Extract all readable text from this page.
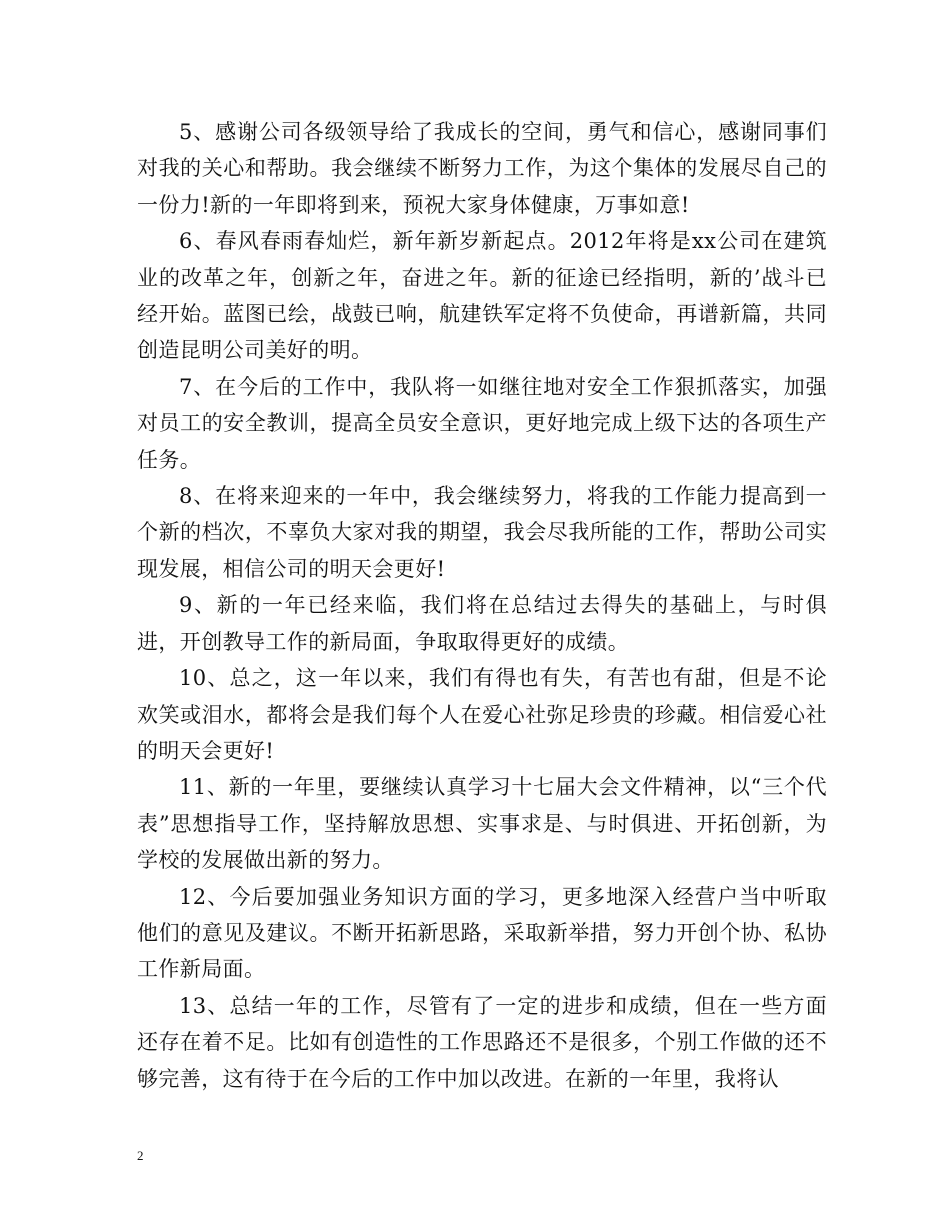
5、感谢公司各级领导给了我成长的空间，勇气和信心，感谢同事们对我的关心和帮助。我会继续不断努力工作，为这个集体的发展尽自己的一份力!新的一年即将到来，预祝大家身体健康，万事如意!

6、春风春雨春灿烂，新年新岁新起点。2012年将是xx公司在建筑业的改革之年，创新之年，奋进之年。新的征途已经指明，新的’战斗已经开始。蓝图已绘，战鼓已响，航建铁军定将不负使命，再谱新篇，共同创造昆明公司美好的明。

7、在今后的工作中，我队将一如继往地对安全工作狠抓落实，加强对员工的安全教训，提高全员安全意识，更好地完成上级下达的各项生产任务。

8、在将来迎来的一年中，我会继续努力，将我的工作能力提高到一个新的档次，不辜负大家对我的期望，我会尽我所能的工作，帮助公司实现发展，相信公司的明天会更好!

9、新的一年已经来临，我们将在总结过去得失的基础上，与时俱进，开创教导工作的新局面，争取取得更好的成绩。

10、总之，这一年以来，我们有得也有失，有苦也有甜，但是不论欢笑或泪水，都将会是我们每个人在爱心社弥足珍贵的珍藏。相信爱心社的明天会更好!

11、新的一年里，要继续认真学习十七届大会文件精神，以“三个代表”思想指导工作，坚持解放思想、实事求是、与时俱进、开拓创新，为学校的发展做出新的努力。

12、今后要加强业务知识方面的学习，更多地深入经营户当中听取他们的意见及建议。不断开拓新思路，采取新举措，努力开创个协、私协工作新局面。

13、总结一年的工作，尽管有了一定的进步和成绩，但在一些方面还存在着不足。比如有创造性的工作思路还不是很多，个别工作做的还不够完善，这有待于在今后的工作中加以改进。在新的一年里，我将认

2
